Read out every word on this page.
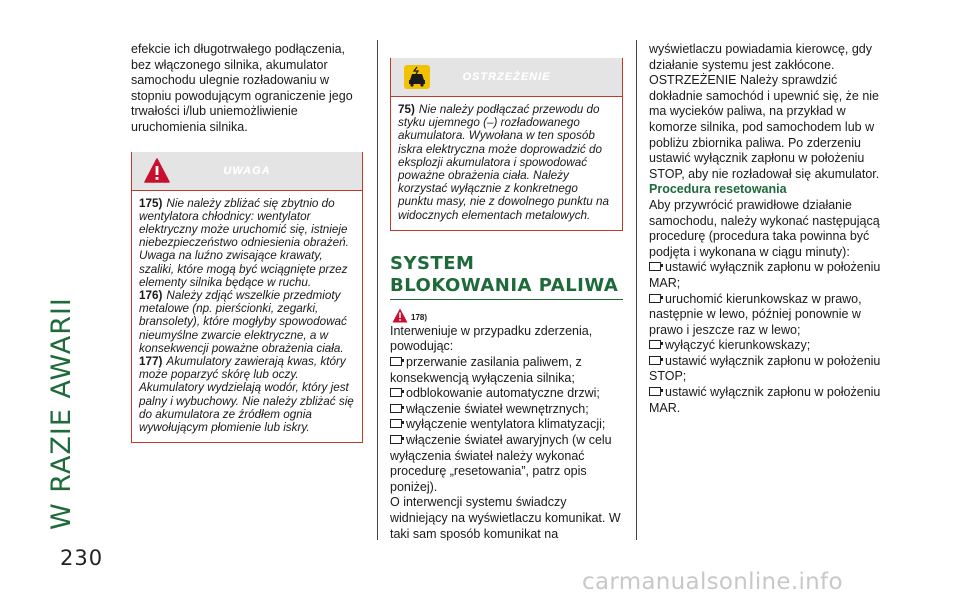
W RAZIE AWARII
230

efekcie ich długotrwałego podłączenia, bez włączonego silnika, akumulator samochodu ulegnie rozładowaniu w stopniu powodującym ograniczenie jego trwałości i/lub uniemożliwienie uruchomienia silnika.

UWAGA

175) Nie należy zbliżać się zbytnio do wentylatora chłodnicy: wentylator elektryczny może uruchomić się, istnieje niebezpieczeństwo odniesienia obrażeń. Uwaga na luźno zwisające krawaty, szaliki, które mogą być wciągnięte przez elementy silnika będące w ruchu.

176) Należy zdjąć wszelkie przedmioty metalowe (np. pierścionki, zegarki, bransolety), które mogłyby spowodować nieumyślne zwarcie elektryczne, a w konsekwencji poważne obrażenia ciała.

177) Akumulatory zawierają kwas, który może poparzyć skórę lub oczy. Akumulatory wydzielają wodór, który jest palny i wybuchowy. Nie należy zbliżać się do akumulatora ze źródłem ognia wywołującym płomienie lub iskry.

OSTRZEŻENIE

75) Nie należy podłączać przewodu do styku ujemnego (–) rozładowanego akumulatora. Wywołana w ten sposób iskra elektryczna może doprowadzić do eksplozji akumulatora i spowodować poważne obrażenia ciała. Należy korzystać wyłącznie z konkretnego punktu masy, nie z dowolnego punktu na widocznych elementach metalowych.

SYSTEM BLOKOWANIA PALIWA
178)

Interweniuje w przypadku zderzenia, powodując:

przerwanie zasilania paliwem, z konsekwencją wyłączenia silnika;

odblokowanie automatyczne drzwi;

włączenie świateł wewnętrznych;

wyłączenie wentylatora klimatyzacji;

włączenie świateł awaryjnych (w celu wyłączenia świateł należy wykonać procedurę „resetowania”, patrz opis poniżej).

O interwencji systemu świadczy widniejący na wyświetlaczu komunikat. W taki sam sposób komunikat na

wyświetlaczu powiadamia kierowcę, gdy działanie systemu jest zakłócone.

OSTRZEŻENIE Należy sprawdzić dokładnie samochód i upewnić się, że nie ma wycieków paliwa, na przykład w komorze silnika, pod samochodem lub w pobliżu zbiornika paliwa. Po zderzeniu ustawić wyłącznik zapłonu w położeniu STOP, aby nie rozładował się akumulator.

Procedura resetowania

Aby przywrócić prawidłowe działanie samochodu, należy wykonać następującą procedurę (procedura taka powinna być podjęta i wykonana w ciągu minuty):

ustawić wyłącznik zapłonu w położeniu MAR;

uruchomić kierunkowskaz w prawo, następnie w lewo, później ponownie w prawo i jeszcze raz w lewo;

wyłączyć kierunkowskazy;

ustawić wyłącznik zapłonu w położeniu STOP;

ustawić wyłącznik zapłonu w położeniu MAR.

carmanualsonline.info
